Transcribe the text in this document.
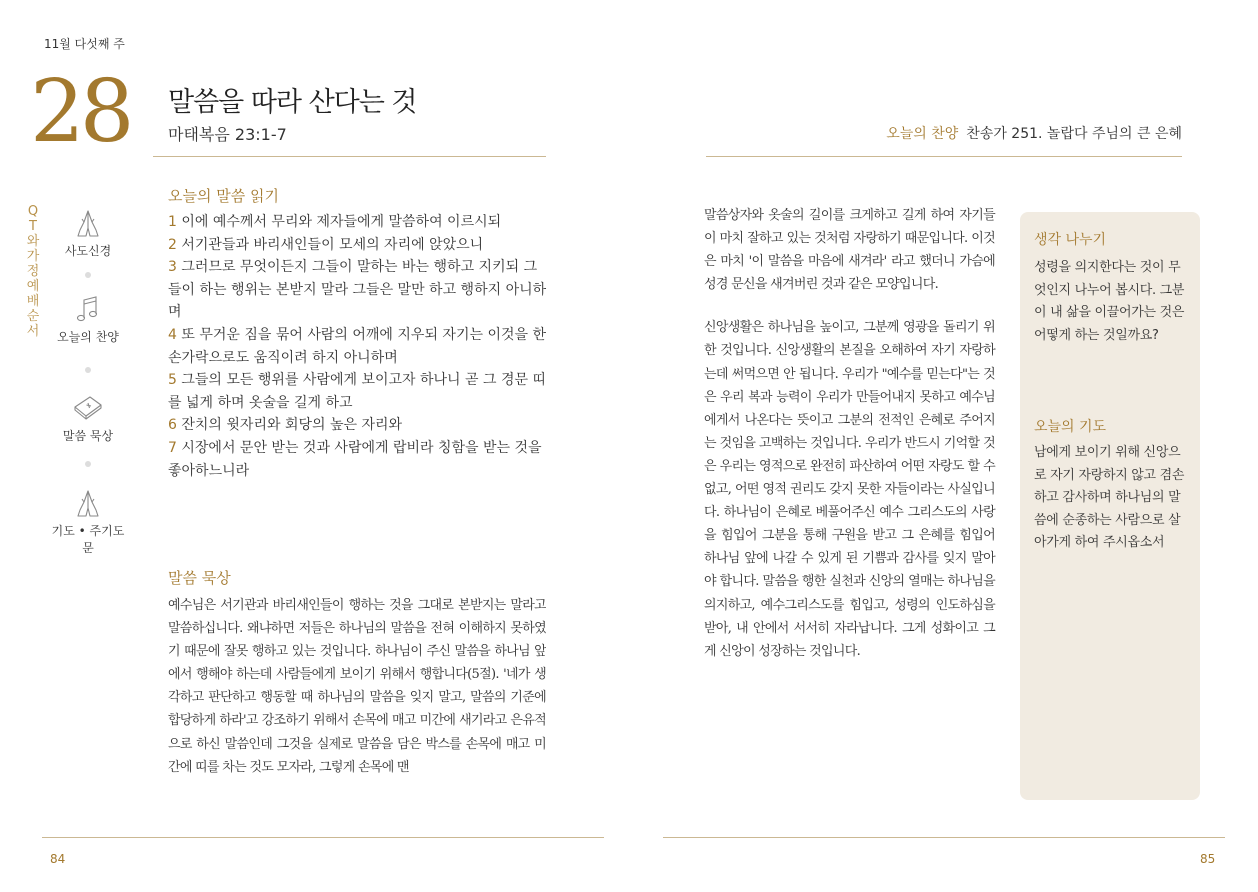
11월 다섯째 주
28 말씀을 따라 산다는 것
마태복음 23:1-7
QT와 가정예배 순서
사도신경
오늘의 찬양
말씀 묵상
기도 • 주기도문
오늘의 말씀 읽기
1 이에 예수께서 무리와 제자들에게 말씀하여 이르시되
2 서기관들과 바리새인들이 모세의 자리에 앉았으니
3 그러므로 무엇이든지 그들이 말하는 바는 행하고 지키되 그들이 하는 행위는 본받지 말라 그들은 말만 하고 행하지 아니하며
4 또 무거운 짐을 묶어 사람의 어깨에 지우되 자기는 이것을 한 손가락으로도 움직이려 하지 아니하며
5 그들의 모든 행위를 사람에게 보이고자 하나니 곧 그 경문 띠를 넓게 하며 옷술을 길게 하고
6 잔치의 윗자리와 회당의 높은 자리와
7 시장에서 문안 받는 것과 사람에게 랍비라 칭함을 받는 것을 좋아하느니라
말씀 묵상

예수님은 서기관과 바리새인들이 행하는 것을 그대로 본받지는 말라고 말씀하십니다. 왜냐하면 저들은 하나님의 말씀을 전혀 이해하지 못하였기 때문에 잘못 행하고 있는 것입니다. 하나님이 주신 말씀을 하나님 앞에서 행해야 하는데 사람들에게 보이기 위해서 행합니다(5절). '네가 생각하고 판단하고 행동할 때 하나님의 말씀을 잊지 말고, 말씀의 기준에 합당하게 하라'고 강조하기 위해서 손목에 매고 미간에 새기라고 은유적으로 하신 말씀인데 그것을 실제로 말씀을 담은 박스를 손목에 매고 미간에 띠를 차는 것도 모자라, 그렇게 손목에 맨

84
오늘의 찬양 찬송가 251. 놀랍다 주님의 큰 은혜

말씀상자와 옷술의 길이를 크게하고 길게 하여 자기들이 마치 잘하고 있는 것처럼 자랑하기 때문입니다. 이것은 마치 '이 말씀을 마음에 새겨라' 라고 했더니 가슴에 성경 문신을 새겨버린 것과 같은 모양입니다.

신앙생활은 하나님을 높이고, 그분께 영광을 돌리기 위한 것입니다. 신앙생활의 본질을 오해하여 자기 자랑하는데 써먹으면 안 됩니다. 우리가 "예수를 믿는다"는 것은 우리 복과 능력이 우리가 만들어내지 못하고 예수님에게서 나온다는 뜻이고 그분의 전적인 은혜로 주어지는 것임을 고백하는 것입니다. 우리가 반드시 기억할 것은 우리는 영적으로 완전히 파산하여 어떤 자랑도 할 수 없고, 어떤 영적 권리도 갖지 못한 자들이라는 사실입니다. 하나님이 은혜로 베풀어주신 예수 그리스도의 사랑을 힘입어 그분을 통해 구원을 받고 그 은혜를 힘입어 하나님 앞에 나갈 수 있게 된 기쁨과 감사를 잊지 말아야 합니다. 말씀을 행한 실천과 신앙의 열매는 하나님을 의지하고, 예수그리스도를 힘입고, 성령의 인도하심을 받아, 내 안에서 서서히 자라납니다. 그게 성화이고 그게 신앙이 성장하는 것입니다.

생각 나누기
성령을 의지한다는 것이 무엇인지 나누어 봅시다. 그분이 내 삶을 이끌어가는 것은 어떻게 하는 것일까요?
오늘의 기도
남에게 보이기 위해 신앙으로 자기 자랑하지 않고 겸손하고 감사하며 하나님의 말씀에 순종하는 사람으로 살아가게 하여 주시옵소서
85
